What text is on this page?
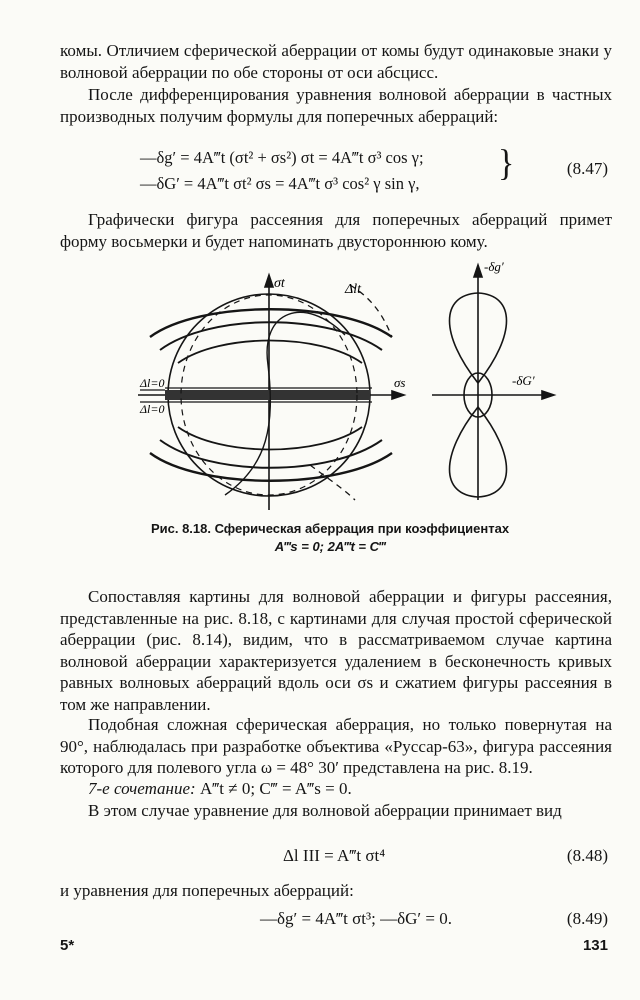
комы. Отличием сферической аберрации от комы будут одинаковые знаки у волновой аберрации по обе стороны от оси абсцисс.

После дифференцирования уравнения волновой аберрации в частных производных получим формулы для поперечных аберраций:

—δg′ = 4A‴t (σt² + σs²) σt = 4A‴t σ³ cos γ;
—δG′ = 4A‴t σt² σs = 4A‴t σ³ cos² γ sin γ, }	(8.47)

Графически фигура рассеяния для поперечных аберраций примет форму восьмерки и будет напоминать двустороннюю кому.

σt	Δlt
σs
Δl=0
Δl=0
-δg′
-δG′
Рис. 8.18. Сферическая аберрация при коэффициентах
A‴s = 0; 2A‴t = C‴

Сопоставляя картины для волновой аберрации и фигуры рассеяния, представленные на рис. 8.18, с картинами для случая простой сферической аберрации (рис. 8.14), видим, что в рассматриваемом случае картина волновой аберрации характеризуется удалением в бесконечность кривых равных волновых аберраций вдоль оси σs и сжатием фигуры рассеяния в том же направлении.

Подобная сложная сферическая аберрация, но только повернутая на 90°, наблюдалась при разработке объектива «Руссар-63», фигура рассеяния которого для полевого угла ω = 48° 30′ представлена на рис. 8.19.

7-е сочетание: A‴t ≠ 0; C‴ = A‴s = 0.

В этом случае уравнение для волновой аберрации принимает вид

Δl III = A‴t σt⁴	(8.48)

и уравнения для поперечных аберраций:

—δg′ = 4A‴t σt³; —δG′ = 0.	(8.49)
5*	131
